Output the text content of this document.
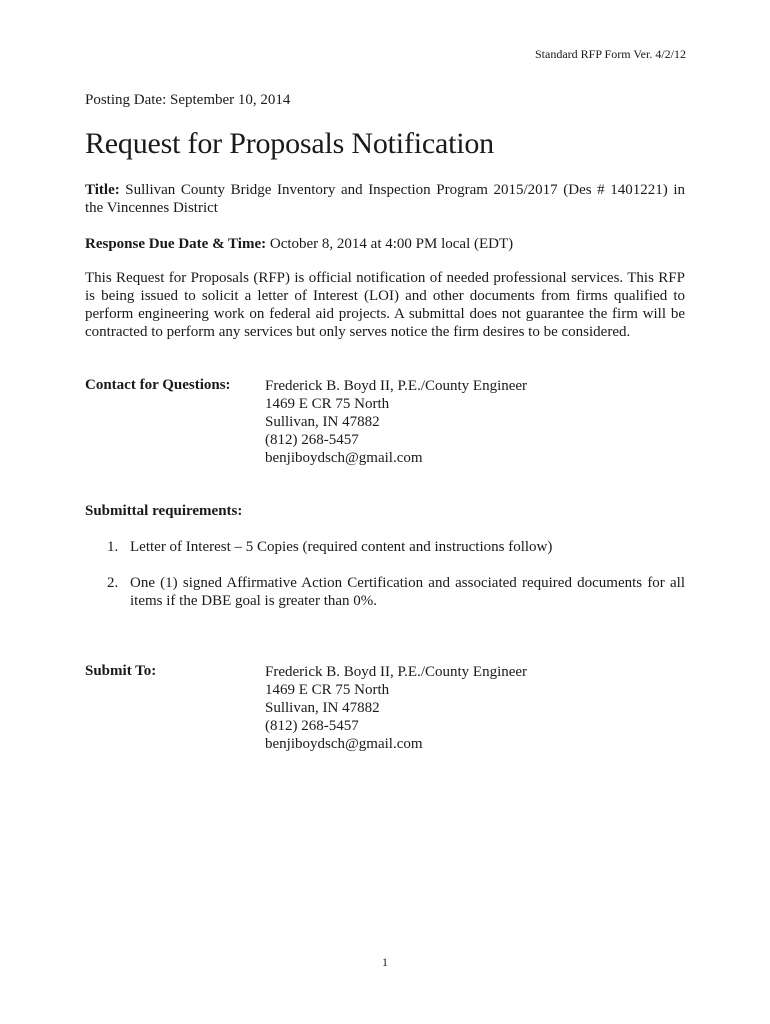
Standard RFP Form Ver. 4/2/12
Posting Date: September 10, 2014
Request for Proposals Notification

Title: Sullivan County Bridge Inventory and Inspection Program 2015/2017 (Des # 1401221) in the Vincennes District

Response Due Date & Time: October 8, 2014 at 4:00 PM local (EDT)

This Request for Proposals (RFP) is official notification of needed professional services. This RFP is being issued to solicit a letter of Interest (LOI) and other documents from firms qualified to perform engineering work on federal aid projects. A submittal does not guarantee the firm will be contracted to perform any services but only serves notice the firm desires to be considered.

Contact for Questions: Frederick B. Boyd II, P.E./County Engineer
1469 E CR 75 North
Sullivan, IN 47882
(812) 268-5457
benjiboydsch@gmail.com
Submittal requirements:
1. Letter of Interest – 5 Copies (required content and instructions follow)
2. One (1) signed Affirmative Action Certification and associated required documents for all items if the DBE goal is greater than 0%.
Submit To:	Frederick B. Boyd II, P.E./County Engineer
1469 E CR 75 North
Sullivan, IN 47882
(812) 268-5457
benjiboydsch@gmail.com
1
